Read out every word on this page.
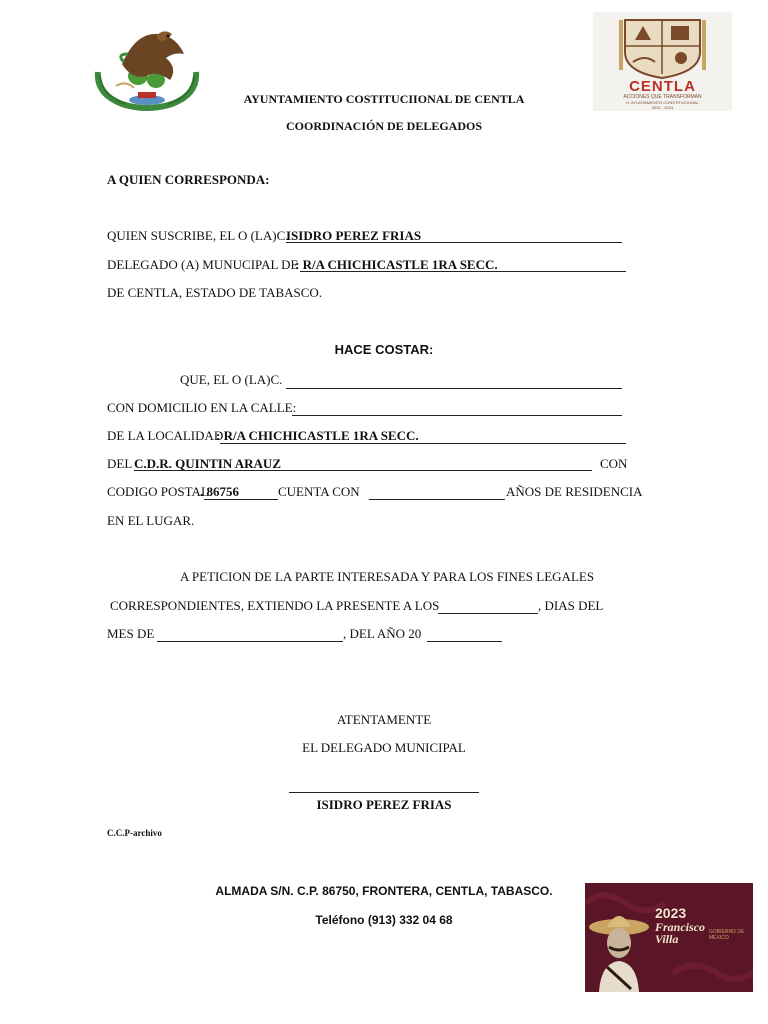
CENTLA
ACCIONES QUE TRANSFORMAN
H. AYUNTAMIENTO CONSTITUCIONAL
2021 - 2024
AYUNTAMIENTO COSTITUCIIONAL DE CENTLA
COORDINACIÓN DE DELEGADOS
A QUIEN CORRESPONDA:
QUIEN SUSCRIBE, EL O (LA)C.
ISIDRO PEREZ FRIAS
DELEGADO (A) MUNUCIPAL DE
: R/A CHICHICASTLE 1RA SECC.
DE CENTLA, ESTADO DE TABASCO.
HACE COSTAR:
QUE, EL O (LA)C.
CON DOMICILIO EN LA CALLE:
DE LA LOCALIDAD
: R/A CHICHICASTLE 1RA SECC.
DEL C.D.R. QUINTIN ARAUZ	CON
CODIGO POSTAL
. 86756	CUENTA CON	AÑOS DE RESIDENCIA
EN EL LUGAR.
A PETICION DE LA PARTE INTERESADA Y PARA LOS FINES LEGALES
CORRESPONDIENTES, EXTIENDO LA PRESENTE A LOS	, DIAS DEL
MES DE	, DEL AÑO 20
ATENTAMENTE
EL DELEGADO MUNICIPAL
ISIDRO PEREZ FRIAS
C.C.P-archivo
ALMADA S/N. C.P. 86750, FRONTERA, CENTLA, TABASCO.
Teléfono (913) 332 04 68	2023
Francisco Villa	GOBIERNO DE MÉXICO
